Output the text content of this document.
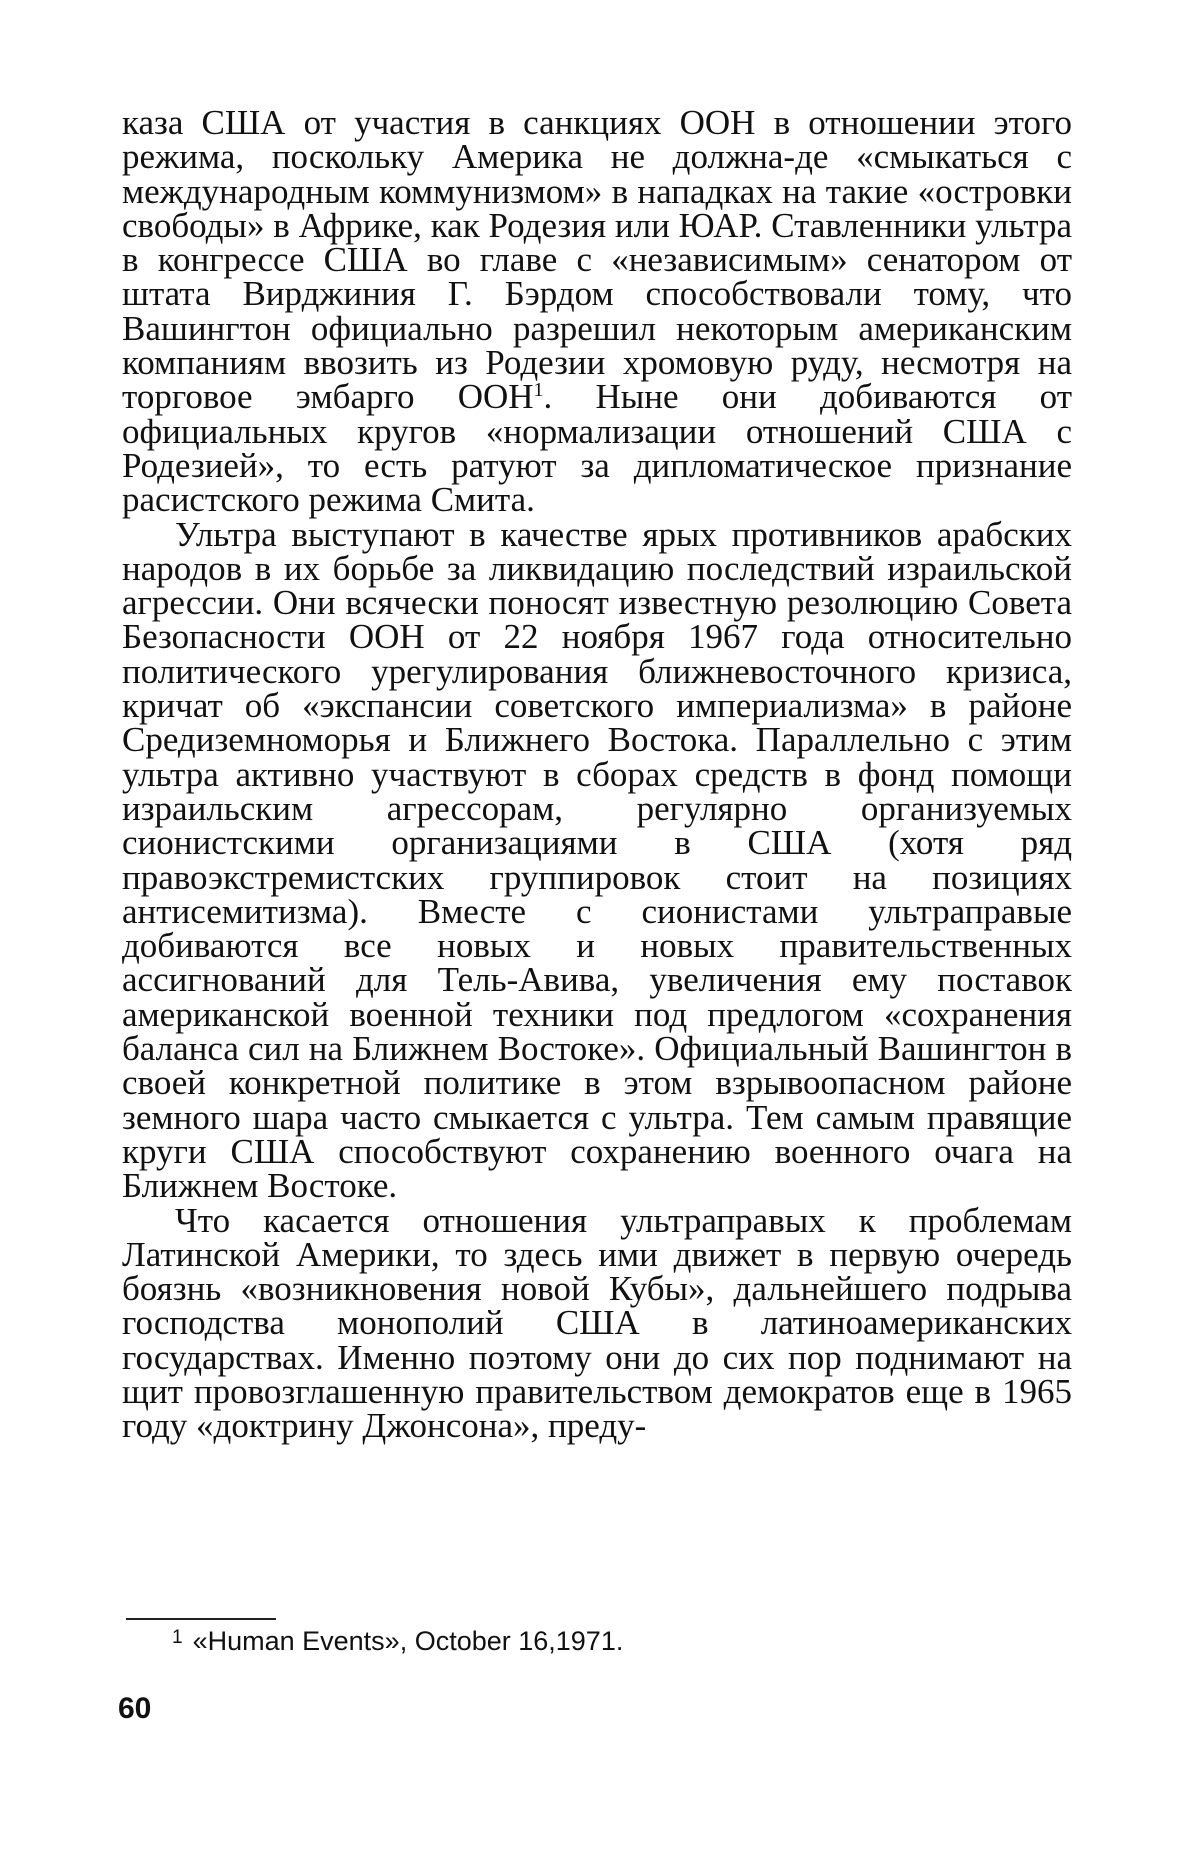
каза США от участия в санкциях ООН в отношении этого режима, поскольку Америка не должна-де «смыкаться с международным коммунизмом» в нападках на такие «островки свободы» в Африке, как Родезия или ЮАР. Ставленники ультра в конгрессе США во главе с «независимым» сенатором от штата Вирджиния Г. Бэрдом способствовали тому, что Вашингтон официально разрешил некоторым американским компаниям ввозить из Родезии хромовую руду, несмотря на торговое эмбарго ООН$^1$. Ныне они добиваются от официальных кругов «нормализации отношений США с Родезией», то есть ратуют за дипломатическое признание расистского режима Смита.

Ультра выступают в качестве ярых противников арабских народов в их борьбе за ликвидацию последствий израильской агрессии. Они всячески поносят известную резолюцию Совета Безопасности ООН от 22 ноября 1967 года относительно политического урегулирования ближневосточного кризиса, кричат об «экспансии советского империализма» в районе Средиземноморья и Ближнего Востока. Параллельно с этим ультра активно участвуют в сборах средств в фонд помощи израильским агрессорам, регулярно организуемых сионистскими организациями в США (хотя ряд правоэкстремистских группировок стоит на позициях антисемитизма). Вместе с сионистами ультраправые добиваются все новых и новых правительственных ассигнований для Тель-Авива, увеличения ему поставок американской военной техники под предлогом «сохранения баланса сил на Ближнем Востоке». Официальный Вашингтон в своей конкретной политике в этом взрывоопасном районе земного шара часто смыкается с ультра. Тем самым правящие круги США способствуют сохранению военного очага на Ближнем Востоке.

Что касается отношения ультраправых к проблемам Латинской Америки, то здесь ими движет в первую очередь боязнь «возникновения новой Кубы», дальнейшего подрыва господства монополий США в латиноамериканских государствах. Именно поэтому они до сих пор поднимают на щит провозглашенную правительством демократов еще в 1965 году «доктрину Джонсона», преду-

$^1$ «Human Events», October 16,1971.
60
